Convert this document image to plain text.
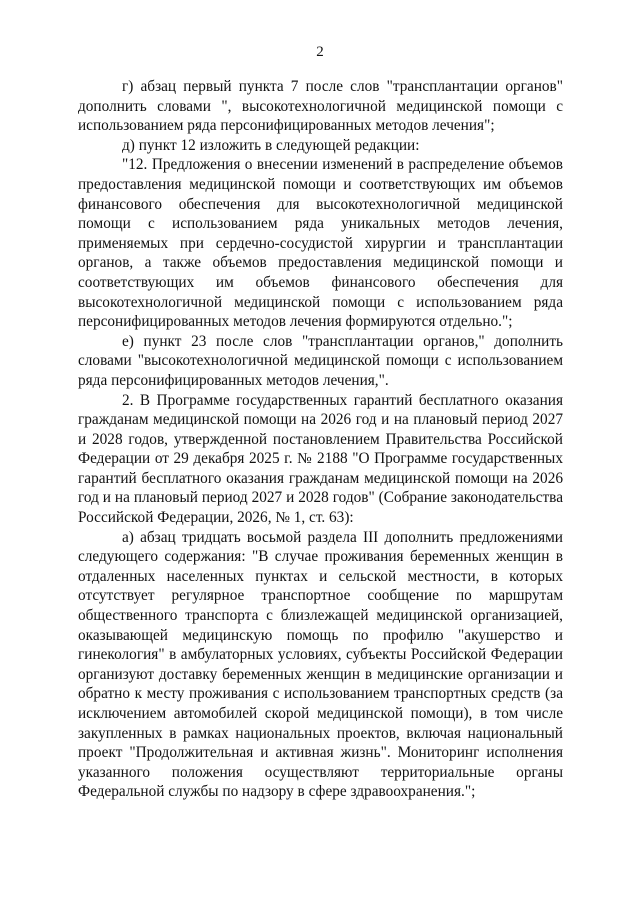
2

г) абзац первый пункта 7 после слов "трансплантации органов" дополнить словами ", высокотехнологичной медицинской помощи с использованием ряда персонифицированных методов лечения";

д) пункт 12 изложить в следующей редакции:

"12. Предложения о внесении изменений в распределение объемов предоставления медицинской помощи и соответствующих им объемов финансового обеспечения для высокотехнологичной медицинской помощи с использованием ряда уникальных методов лечения, применяемых при сердечно-сосудистой хирургии и трансплантации органов, а также объемов предоставления медицинской помощи и соответствующих им объемов финансового обеспечения для высокотехнологичной медицинской помощи с использованием ряда персонифицированных методов лечения формируются отдельно.";

е) пункт 23 после слов "трансплантации органов," дополнить словами "высокотехнологичной медицинской помощи с использованием ряда персонифицированных методов лечения,".

2. В Программе государственных гарантий бесплатного оказания гражданам медицинской помощи на 2026 год и на плановый период 2027 и 2028 годов, утвержденной постановлением Правительства Российской Федерации от 29 декабря 2025 г. № 2188 "О Программе государственных гарантий бесплатного оказания гражданам медицинской помощи на 2026 год и на плановый период 2027 и 2028 годов" (Собрание законодательства Российской Федерации, 2026, № 1, ст. 63):

а) абзац тридцать восьмой раздела III дополнить предложениями следующего содержания: "В случае проживания беременных женщин в отдаленных населенных пунктах и сельской местности, в которых отсутствует регулярное транспортное сообщение по маршрутам общественного транспорта с близлежащей медицинской организацией, оказывающей медицинскую помощь по профилю "акушерство и гинекология" в амбулаторных условиях, субъекты Российской Федерации организуют доставку беременных женщин в медицинские организации и обратно к месту проживания с использованием транспортных средств (за исключением автомобилей скорой медицинской помощи), в том числе закупленных в рамках национальных проектов, включая национальный проект "Продолжительная и активная жизнь". Мониторинг исполнения указанного положения осуществляют территориальные органы Федеральной службы по надзору в сфере здравоохранения.";
